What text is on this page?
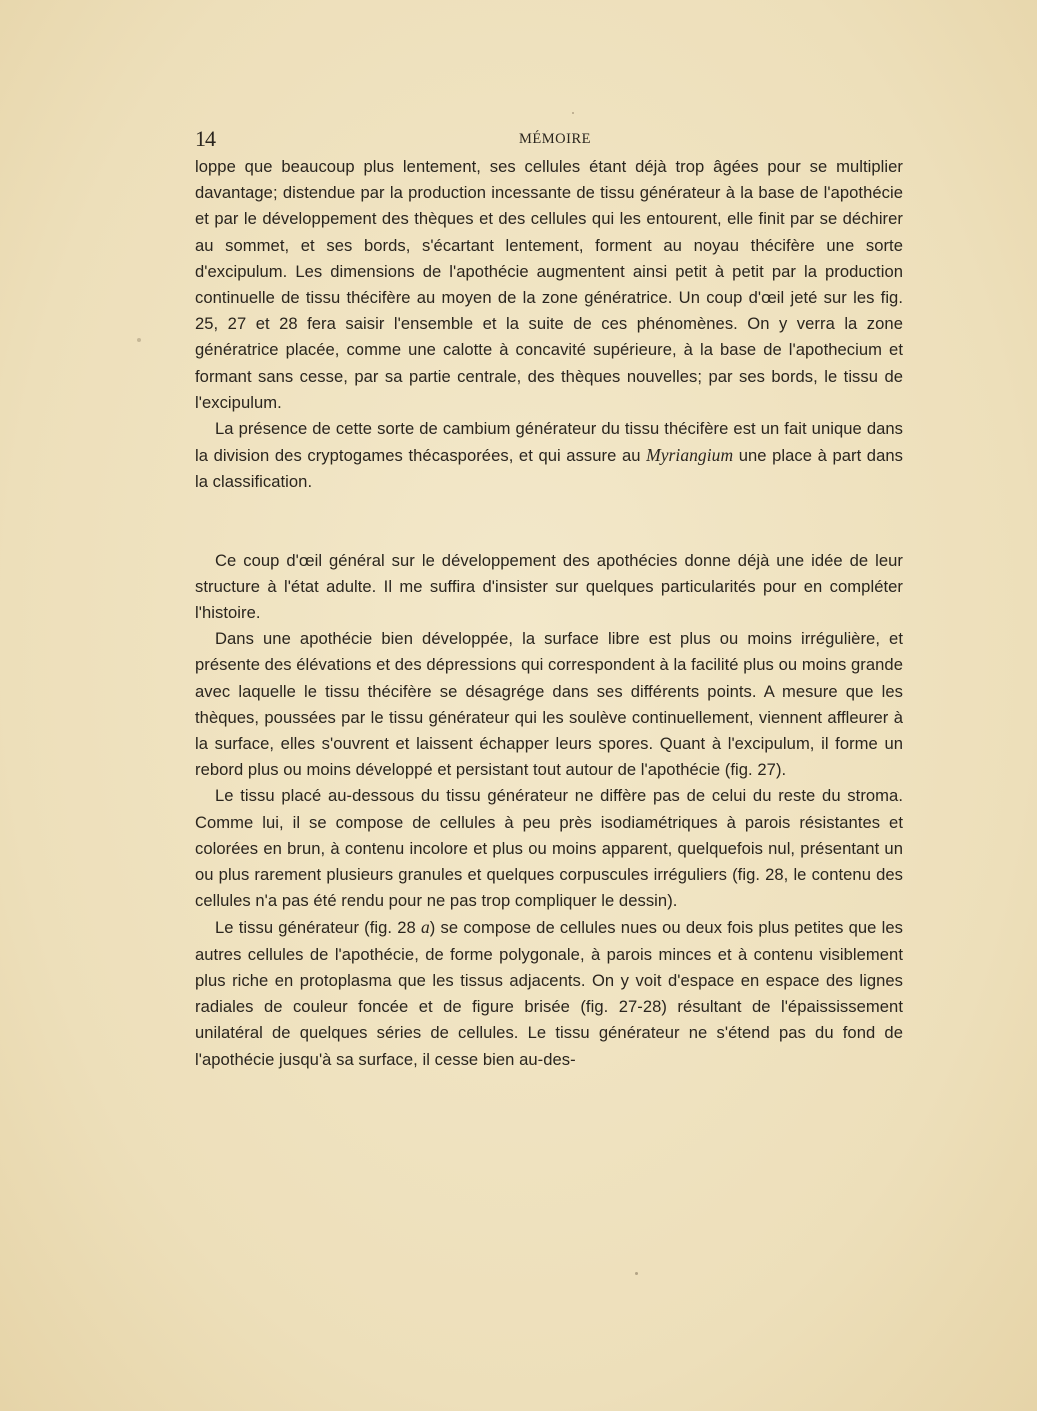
14	MÉMOIRE

loppe que beaucoup plus lentement, ses cellules étant déjà trop âgées pour se multiplier davantage; distendue par la production incessante de tissu générateur à la base de l'apothécie et par le développement des thèques et des cellules qui les entourent, elle finit par se déchirer au sommet, et ses bords, s'écartant lentement, forment au noyau thécifère une sorte d'excipulum. Les dimensions de l'apothécie augmentent ainsi petit à petit par la production continuelle de tissu thécifère au moyen de la zone génératrice. Un coup d'œil jeté sur les fig. 25, 27 et 28 fera saisir l'ensemble et la suite de ces phénomènes. On y verra la zone génératrice placée, comme une calotte à concavité supérieure, à la base de l'apothecium et formant sans cesse, par sa partie centrale, des thèques nouvelles; par ses bords, le tissu de l'excipulum.

La présence de cette sorte de cambium générateur du tissu thécifère est un fait unique dans la division des cryptogames thécasporées, et qui assure au Myriangium une place à part dans la classification.

Ce coup d'œil général sur le développement des apothécies donne déjà une idée de leur structure à l'état adulte. Il me suffira d'insister sur quelques particularités pour en compléter l'histoire.

Dans une apothécie bien développée, la surface libre est plus ou moins irrégulière, et présente des élévations et des dépressions qui correspondent à la facilité plus ou moins grande avec laquelle le tissu thécifère se désagrége dans ses différents points. A mesure que les thèques, poussées par le tissu générateur qui les soulève continuellement, viennent affleurer à la surface, elles s'ouvrent et laissent échapper leurs spores. Quant à l'excipulum, il forme un rebord plus ou moins développé et persistant tout autour de l'apothécie (fig. 27).

Le tissu placé au-dessous du tissu générateur ne diffère pas de celui du reste du stroma. Comme lui, il se compose de cellules à peu près isodiamétriques à parois résistantes et colorées en brun, à contenu incolore et plus ou moins apparent, quelquefois nul, présentant un ou plus rarement plusieurs granules et quelques corpuscules irréguliers (fig. 28, le contenu des cellules n'a pas été rendu pour ne pas trop compliquer le dessin).

Le tissu générateur (fig. 28 a) se compose de cellules nues ou deux fois plus petites que les autres cellules de l'apothécie, de forme polygonale, à parois minces et à contenu visiblement plus riche en protoplasma que les tissus adjacents. On y voit d'espace en espace des lignes radiales de couleur foncée et de figure brisée (fig. 27-28) résultant de l'épaississement unilatéral de quelques séries de cellules. Le tissu générateur ne s'étend pas du fond de l'apothécie jusqu'à sa surface, il cesse bien au-des-
